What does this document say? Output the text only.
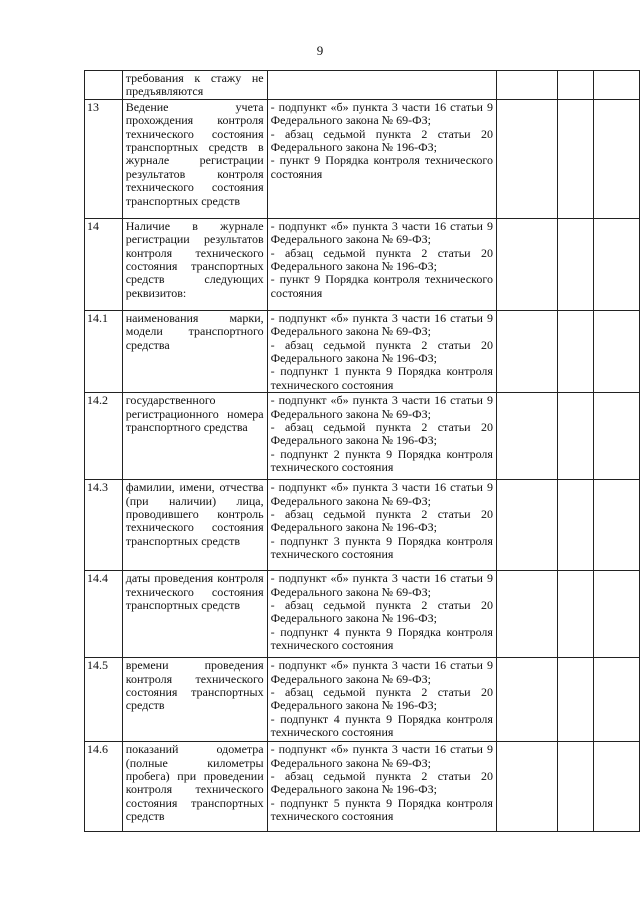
9
	требования к стажу не предъявляются				
13	Ведение учета прохождения контроля технического состояния транспортных средств в журнале регистрации результатов контроля технического состояния транспортных средств	- подпункт «б» пункта 3 части 16 статьи 9 Федерального закона № 69-ФЗ;
- абзац седьмой пункта 2 статьи 20 Федерального закона № 196-ФЗ;
- пункт 9 Порядка контроля технического состояния			

14	Наличие в журнале регистрации результатов контроля технического состояния транспортных средств следующих реквизитов:	- подпункт «б» пункта 3 части 16 статьи 9 Федерального закона № 69-ФЗ;
- абзац седьмой пункта 2 статьи 20 Федерального закона № 196-ФЗ;
- пункт 9 Порядка контроля технического состояния			

14.1	наименования марки, модели транспортного средства	- подпункт «б» пункта 3 части 16 статьи 9 Федерального закона № 69-ФЗ;
- абзац седьмой пункта 2 статьи 20 Федерального закона № 196-ФЗ;
- подпункт 1 пункта 9 Порядка контроля технического состояния			

14.2	государственного регистрационного номера транспортного средства	- подпункт «б» пункта 3 части 16 статьи 9 Федерального закона № 69-ФЗ;
- абзац седьмой пункта 2 статьи 20 Федерального закона № 196-ФЗ;
- подпункт 2 пункта 9 Порядка контроля технического состояния			

14.3	фамилии, имени, отчества (при наличии) лица, проводившего контроль технического состояния транспортных средств	- подпункт «б» пункта 3 части 16 статьи 9 Федерального закона № 69-ФЗ;
- абзац седьмой пункта 2 статьи 20 Федерального закона № 196-ФЗ;
- подпункт 3 пункта 9 Порядка контроля технического состояния			

14.4	даты проведения контроля технического состояния транспортных средств	- подпункт «б» пункта 3 части 16 статьи 9 Федерального закона № 69-ФЗ;
- абзац седьмой пункта 2 статьи 20 Федерального закона № 196-ФЗ;
- подпункт 4 пункта 9 Порядка контроля технического состояния			

14.5	времени проведения контроля технического состояния транспортных средств	- подпункт «б» пункта 3 части 16 статьи 9 Федерального закона № 69-ФЗ;
- абзац седьмой пункта 2 статьи 20 Федерального закона № 196-ФЗ;
- подпункт 4 пункта 9 Порядка контроля технического состояния			

14.6	показаний одометра (полные километры пробега) при проведении контроля технического состояния транспортных средств	- подпункт «б» пункта 3 части 16 статьи 9 Федерального закона № 69-ФЗ;
- абзац седьмой пункта 2 статьи 20 Федерального закона № 196-ФЗ;
- подпункт 5 пункта 9 Порядка контроля технического состояния			
